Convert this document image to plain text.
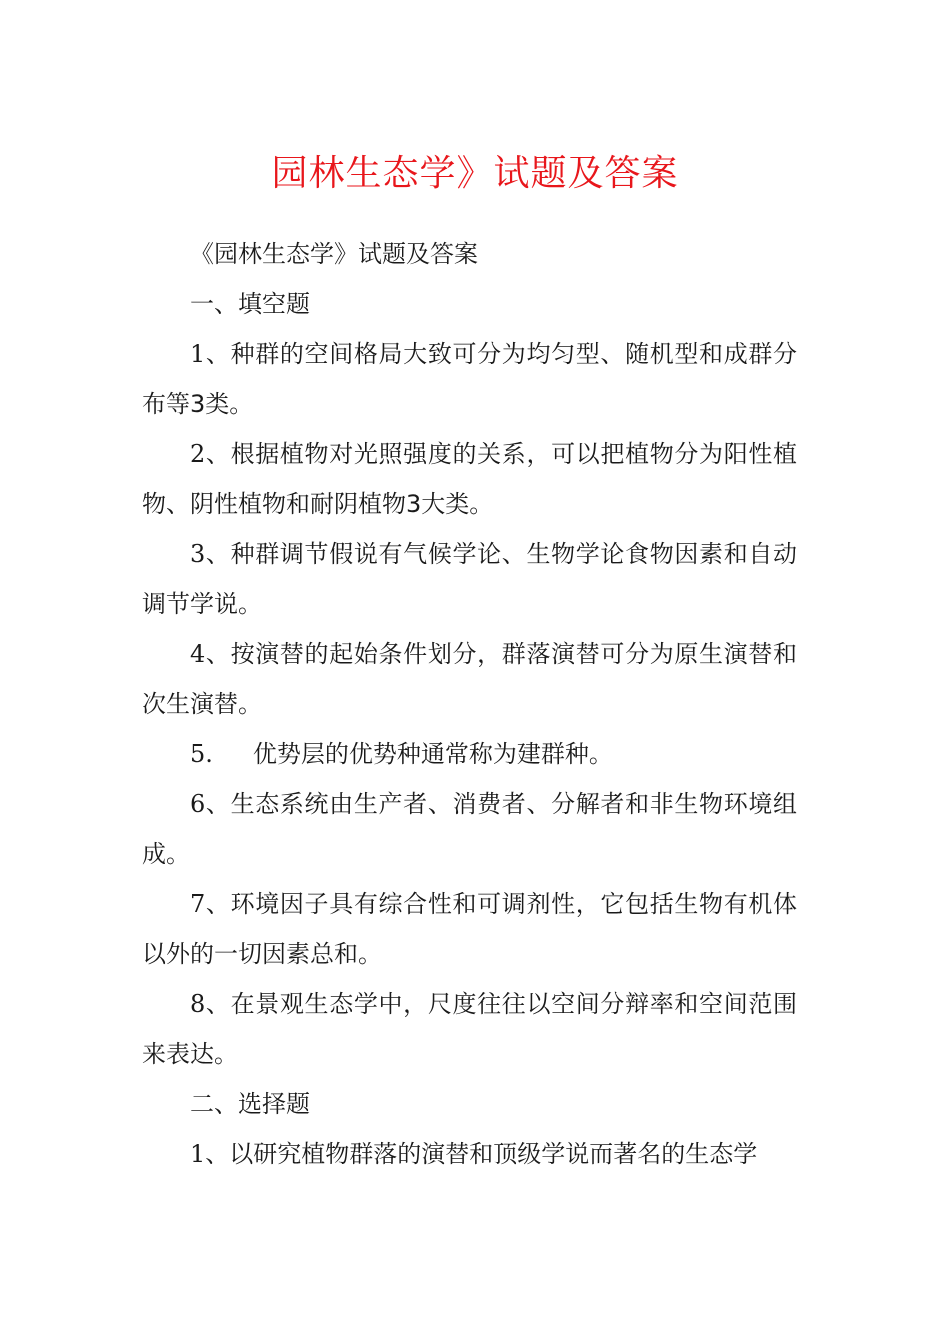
园林生态学》试题及答案

《园林生态学》试题及答案

一、填空题

1、种群的空间格局大致可分为均匀型、随机型和成群分布等3类。

2、根据植物对光照强度的关系，可以把植物分为阳性植物、阴性植物和耐阴植物3大类。

3、种群调节假说有气候学论、生物学论食物因素和自动调节学说。

4、按演替的起始条件划分，群落演替可分为原生演替和次生演替。

5. 优势层的优势种通常称为建群种。

6、生态系统由生产者、消费者、分解者和非生物环境组成。

7、环境因子具有综合性和可调剂性，它包括生物有机体以外的一切因素总和。

8、在景观生态学中，尺度往往以空间分辩率和空间范围来表达。

二、选择题

1、以研究植物群落的演替和顶级学说而著名的生态学
